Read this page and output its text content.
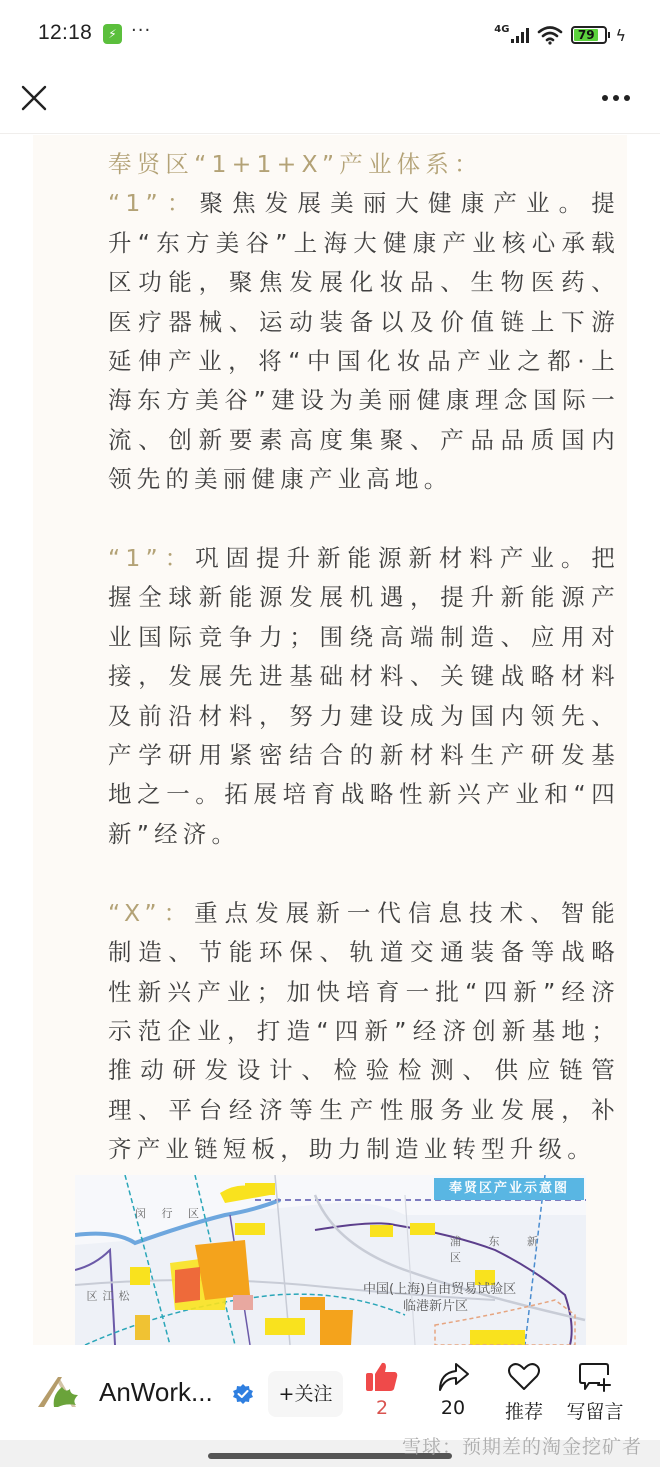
12:18	⚡ ···	4G	79 ϟ
奉贤区“1+1+X”产业体系：

“1”：聚焦发展美丽大健康产业。提升“东方美谷”上海大健康产业核心承载区功能，聚焦发展化妆品、生物医药、医疗器械、运动装备以及价值链上下游延伸产业，将“中国化妆品产业之都·上海东方美谷”建设为美丽健康理念国际一流、创新要素高度集聚、产品品质国内领先的美丽健康产业高地。

“1”：巩固提升新能源新材料产业。把握全球新能源发展机遇，提升新能源产业国际竞争力；围绕高端制造、应用对接，发展先进基础材料、关键战略材料及前沿材料，努力建设成为国内领先、产学研用紧密结合的新材料生产研发基地之一。拓展培育战略性新兴产业和“四新”经济。

“X”：重点发展新一代信息技术、智能制造、节能环保、轨道交通装备等战略性新兴产业；加快培育一批“四新”经济示范企业，打造“四新”经济创新基地；推动研发设计、检验检测、供应链管理、平台经济等生产性服务业发展，补齐产业链短板，助力制造业转型升级。

奉贤区产业示意图
闵 行 区
松 江 区
浦 东 新 区
中国(上海)自由贸易试验区
临港新片区
AnWork...	+关注
2	20	推荐	写留言
雪球：预期差的淘金挖矿者
